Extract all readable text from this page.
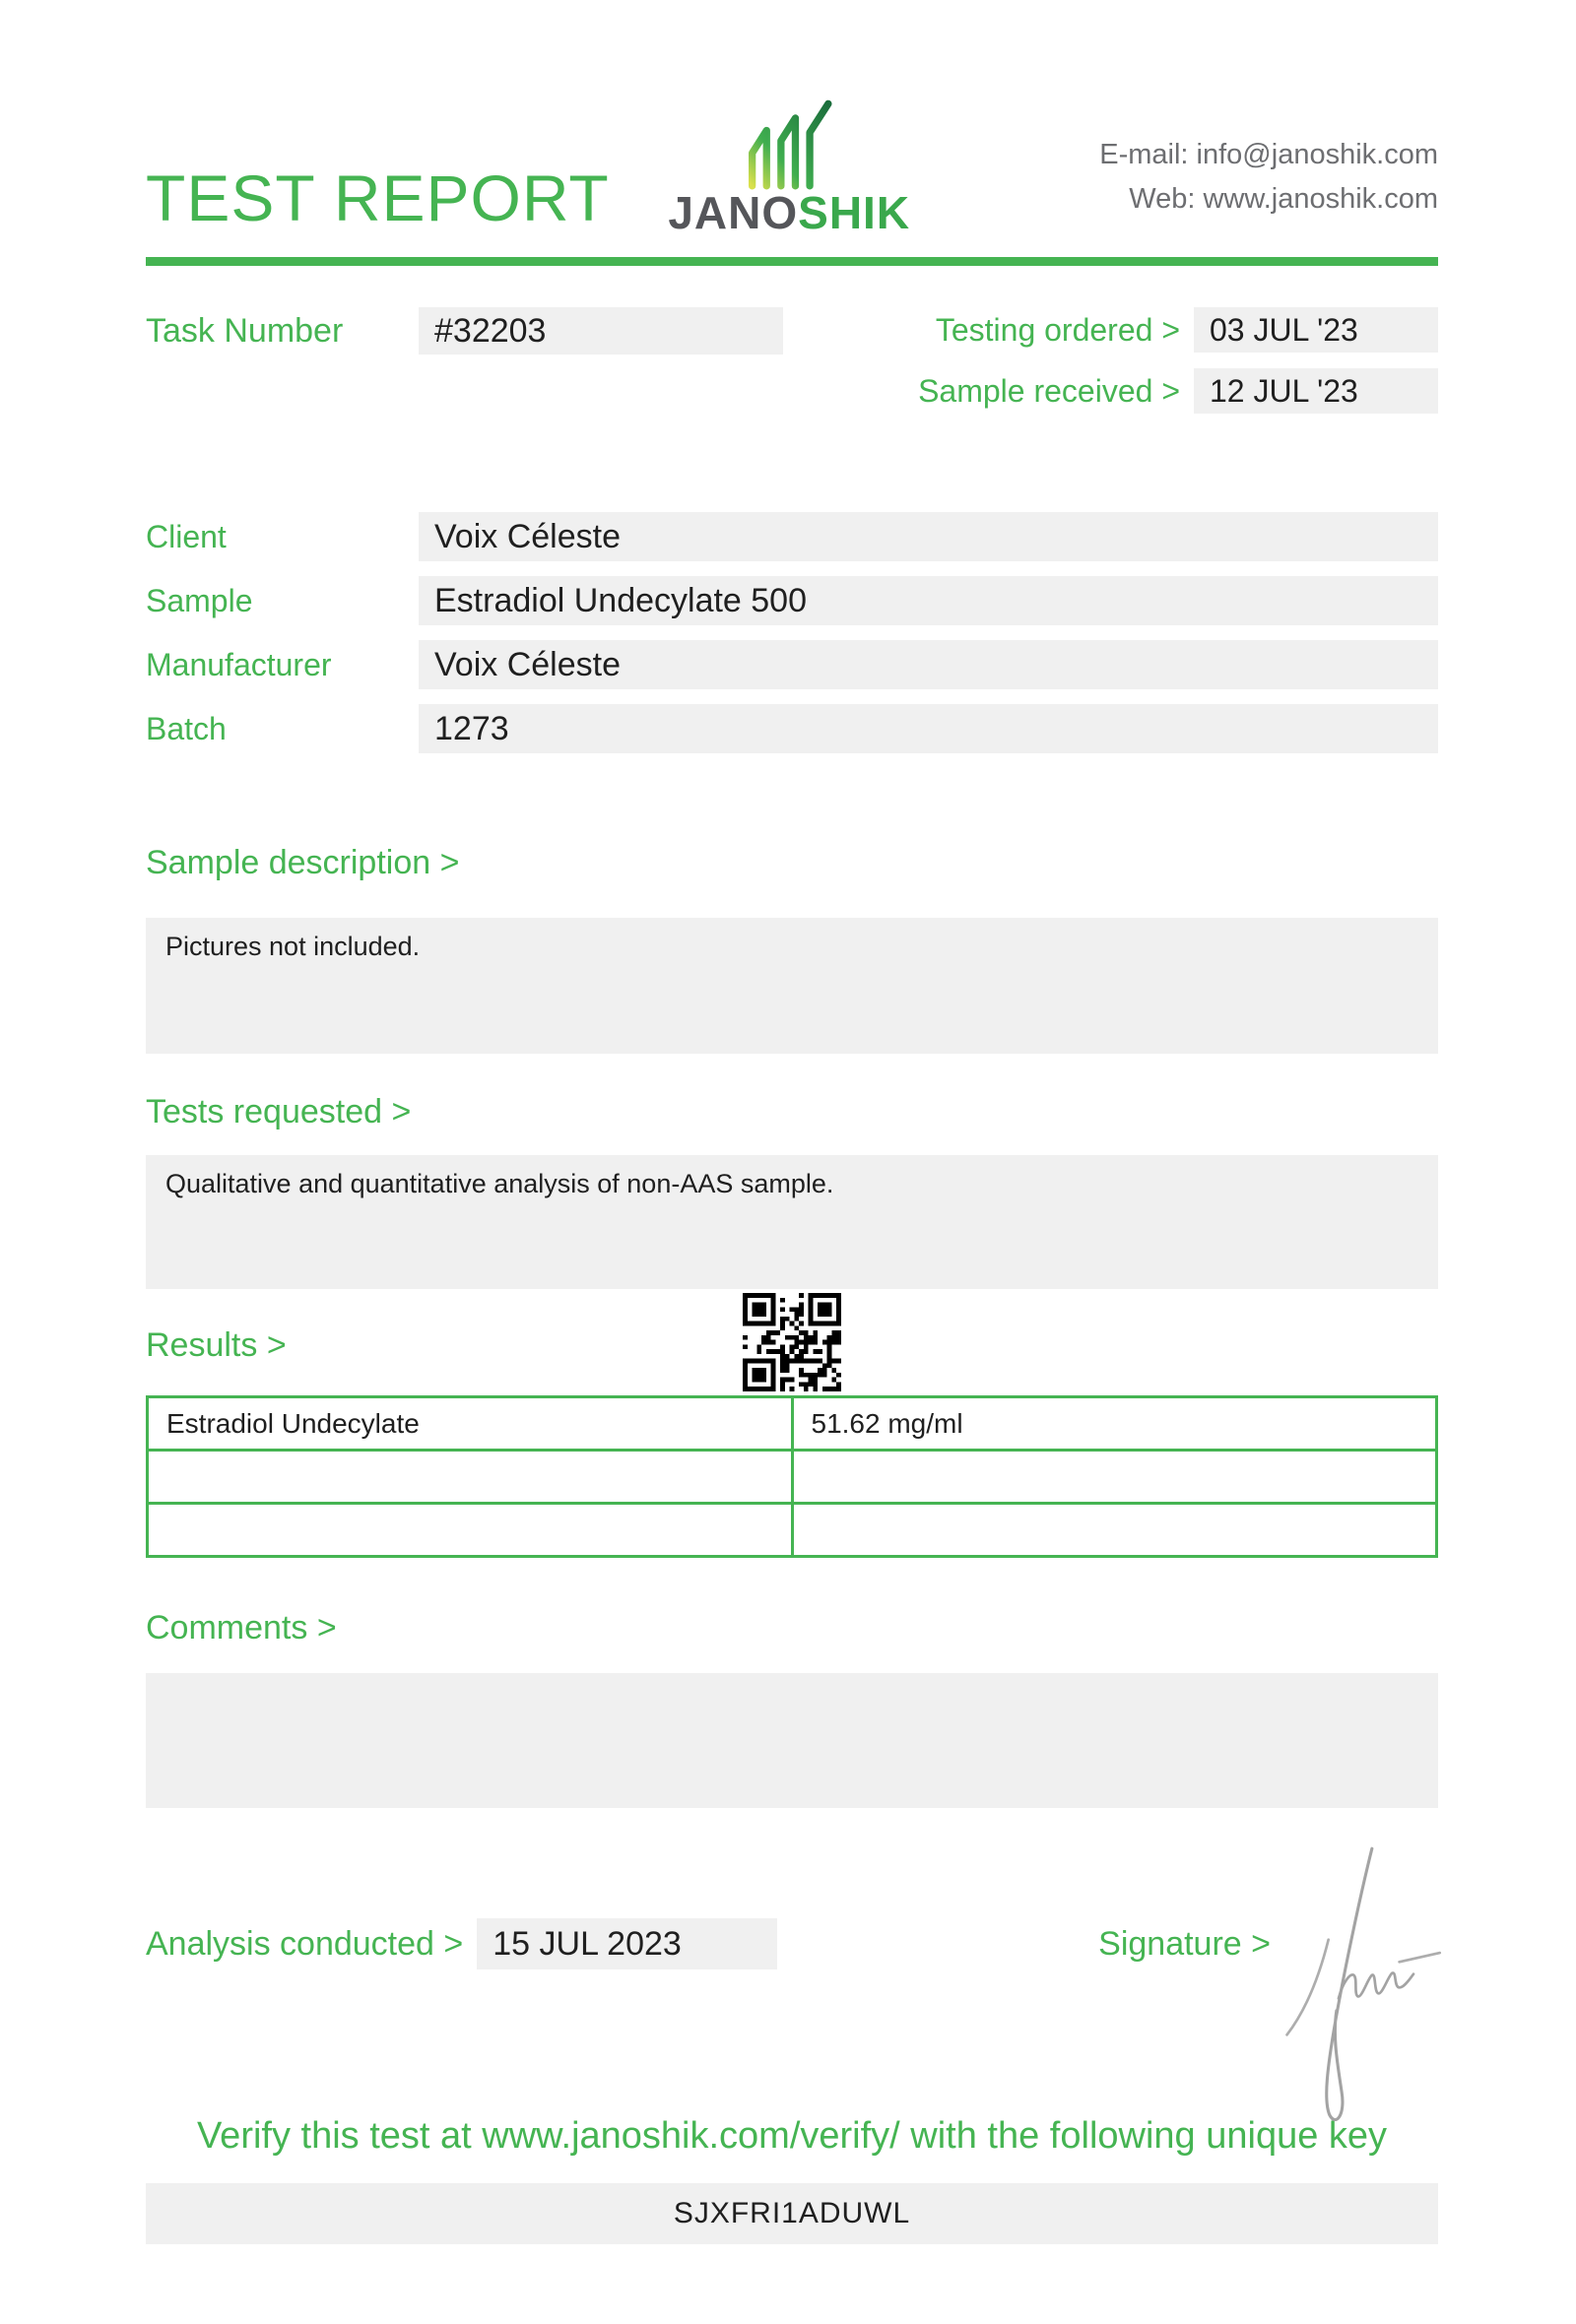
TEST REPORT	JANOSHIK
E-mail: info@janoshik.com
Web: www.janoshik.com
Task Number	#32203	Testing ordered > 03 JUL '23
Sample received > 12 JUL '23
Client	Voix Céleste
Sample	Estradiol Undecylate 500
Manufacturer	Voix Céleste
Batch	1273
Sample description >
Pictures not included.
Tests requested >
Qualitative and quantitative analysis of non-AAS sample.
Results >
Estradiol Undecylate	51.62 mg/ml

Comments >
Analysis conducted > 15 JUL 2023	Signature >
Verify this test at www.janoshik.com/verify/ with the following unique key
SJXFRI1ADUWL
